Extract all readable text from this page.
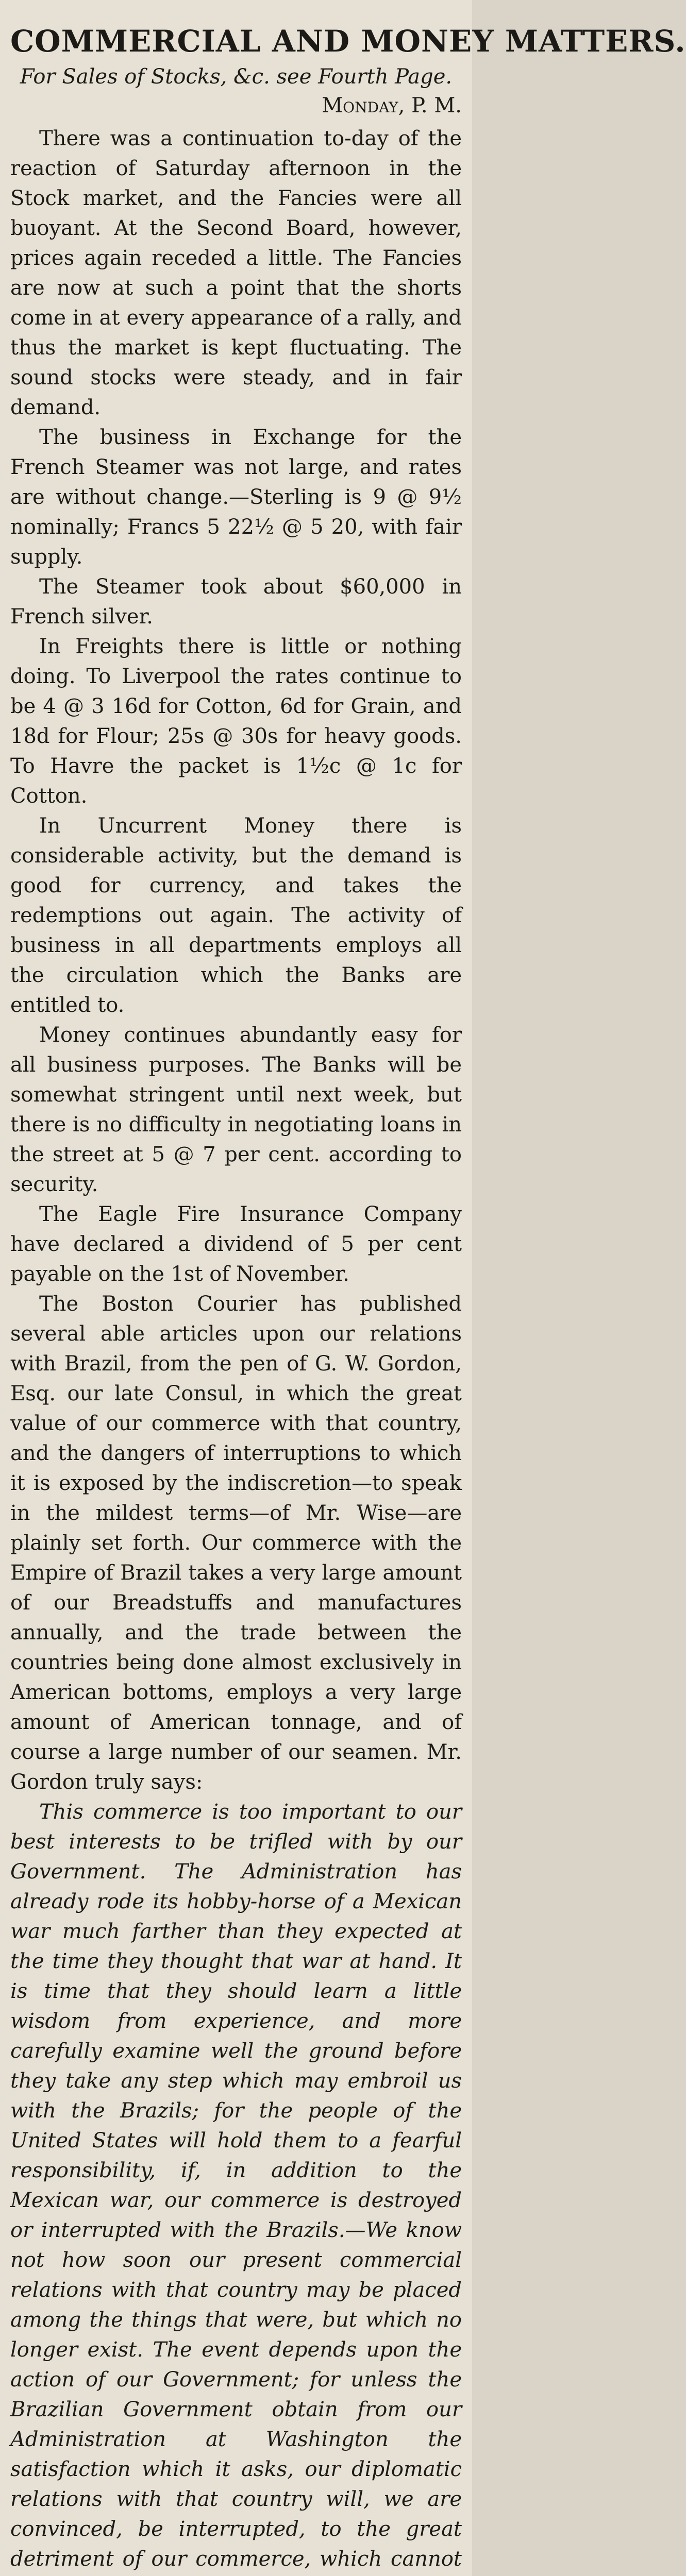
COMMERCIAL AND MONEY MATTERS.
For Sales of Stocks, &c. see Fourth Page.
Monday, P. M.

There was a continuation to-day of the reaction of Saturday afternoon in the Stock market, and the Fancies were all buoyant. At the Second Board, however, prices again receded a little. The Fancies are now at such a point that the shorts come in at every appearance of a rally, and thus the market is kept fluctuating. The sound stocks were steady, and in fair demand.

The business in Exchange for the French Steamer was not large, and rates are without change.—Sterling is 9 @ 9½ nominally; Francs 5 22½ @ 5 20, with fair supply.

The Steamer took about $60,000 in French silver.

In Freights there is little or nothing doing. To Liverpool the rates continue to be 4 @ 3 16d for Cotton, 6d for Grain, and 18d for Flour; 25s @ 30s for heavy goods. To Havre the packet is 1½c @ 1c for Cotton.

In Uncurrent Money there is considerable activity, but the demand is good for currency, and takes the redemptions out again. The activity of business in all departments employs all the circulation which the Banks are entitled to.

Money continues abundantly easy for all business purposes. The Banks will be somewhat stringent until next week, but there is no difficulty in negotiating loans in the street at 5 @ 7 per cent. according to security.

The Eagle Fire Insurance Company have declared a dividend of 5 per cent payable on the 1st of November.

The Boston Courier has published several able articles upon our relations with Brazil, from the pen of G. W. Gordon, Esq. our late Consul, in which the great value of our commerce with that country, and the dangers of interruptions to which it is exposed by the indiscretion—to speak in the mildest terms—of Mr. Wise—are plainly set forth. Our commerce with the Empire of Brazil takes a very large amount of our Breadstuffs and manufactures annually, and the trade between the countries being done almost exclusively in American bottoms, employs a very large amount of American tonnage, and of course a large number of our seamen. Mr. Gordon truly says:

This commerce is too important to our best interests to be trifled with by our Government. The Administration has already rode its hobby-horse of a Mexican war much farther than they expected at the time they thought that war at hand. It is time that they should learn a little wisdom from experience, and more carefully examine well the ground before they take any step which may embroil us with the Brazils; for the people of the United States will hold them to a fearful responsibility, if, in addition to the Mexican war, our commerce is destroyed or interrupted with the Brazils.—We know not how soon our present commercial relations with that country may be placed among the things that were, but which no longer exist. The event depends upon the action of our Government; for unless the Brazilian Government obtain from our Administration at Washington the satisfaction which it asks, our diplomatic relations with that country will, we are convinced, be interrupted, to the great detriment of our commerce, which cannot
